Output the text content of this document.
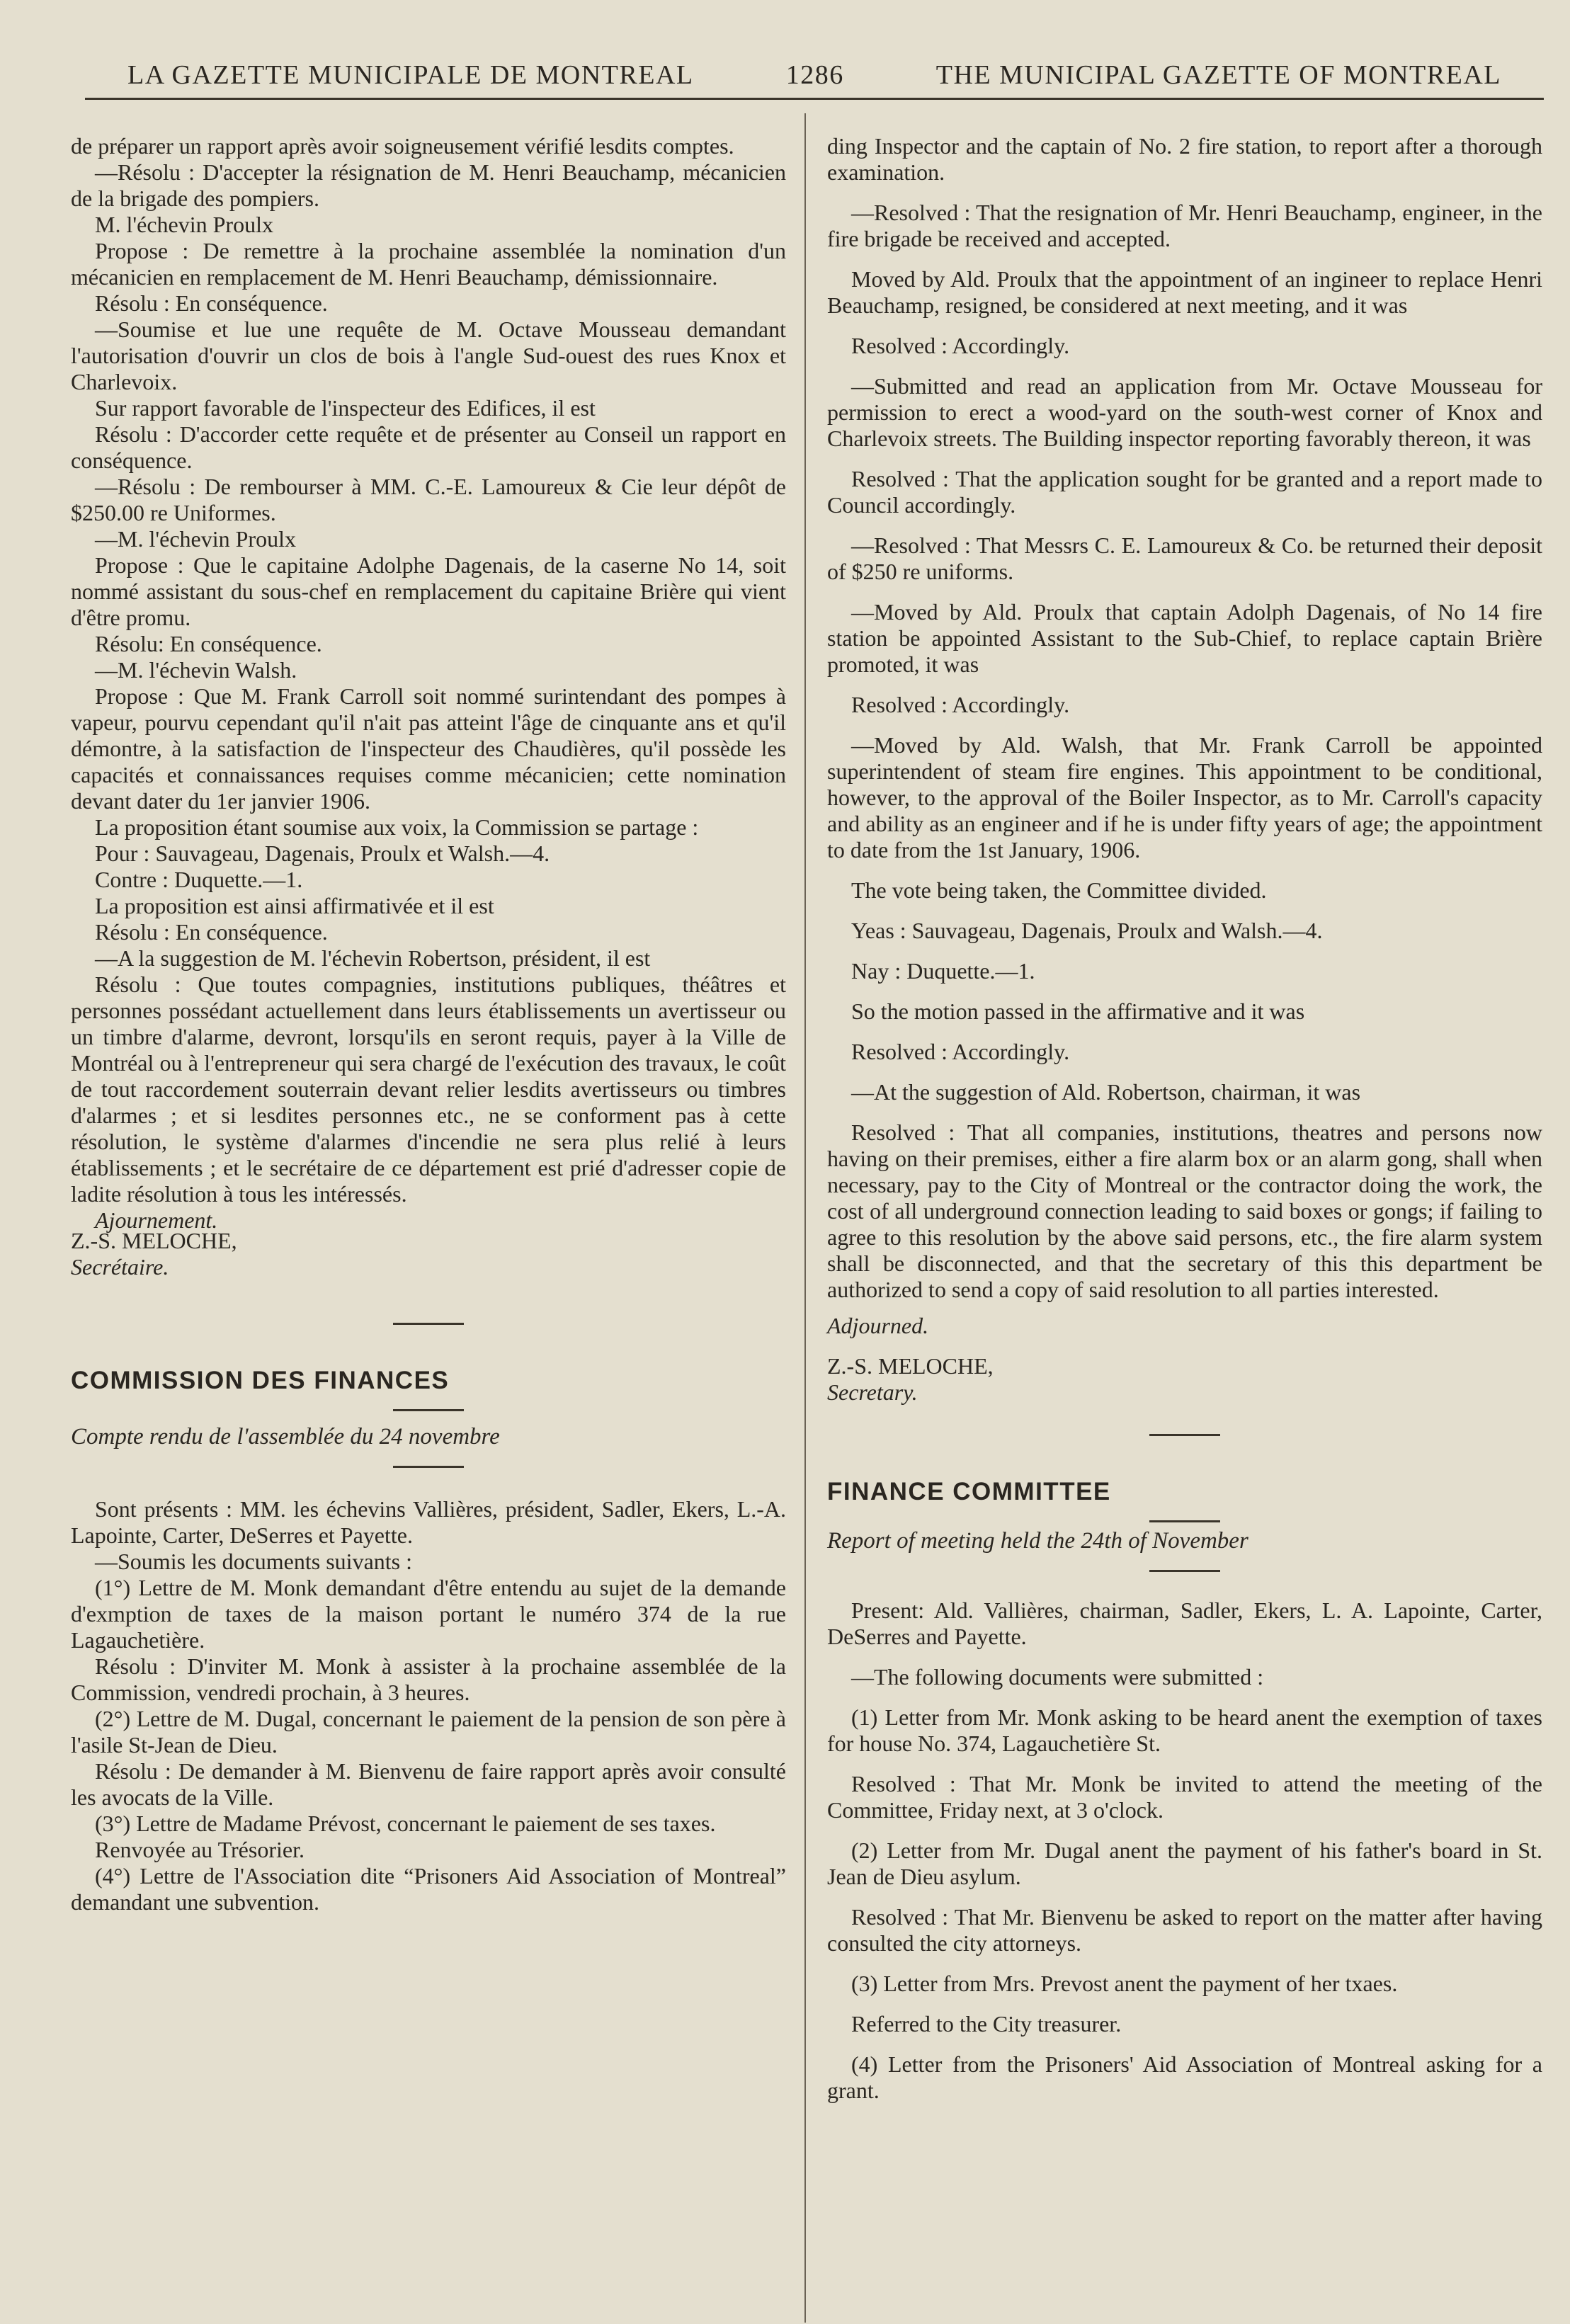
LA GAZETTE MUNICIPALE DE MONTREAL	1286	THE MUNICIPAL GAZETTE OF MONTREAL

de préparer un rapport après avoir soigneusement vérifié lesdits comptes.

—Résolu : D'accepter la résignation de M. Henri Beauchamp, mécanicien de la brigade des pompiers.

M. l'échevin Proulx

Propose : De remettre à la prochaine assemblée la nomination d'un mécanicien en remplacement de M. Henri Beauchamp, démissionnaire.

Résolu : En conséquence.

—Soumise et lue une requête de M. Octave Mousseau demandant l'autorisation d'ouvrir un clos de bois à l'angle Sud-ouest des rues Knox et Charlevoix.

Sur rapport favorable de l'inspecteur des Edifices, il est

Résolu : D'accorder cette requête et de présenter au Conseil un rapport en conséquence.

—Résolu : De rembourser à MM. C.-E. Lamoureux & Cie leur dépôt de $250.00 re Uniformes.

—M. l'échevin Proulx

Propose : Que le capitaine Adolphe Dagenais, de la caserne No 14, soit nommé assistant du sous-chef en remplacement du capitaine Brière qui vient d'être promu.

Résolu: En conséquence.

—M. l'échevin Walsh.

Propose : Que M. Frank Carroll soit nommé surintendant des pompes à vapeur, pourvu cependant qu'il n'ait pas atteint l'âge de cinquante ans et qu'il démontre, à la satisfaction de l'inspecteur des Chaudières, qu'il possède les capacités et connaissances requises comme mécanicien; cette nomination devant dater du 1er janvier 1906.

La proposition étant soumise aux voix, la Commission se partage :

Pour : Sauvageau, Dagenais, Proulx et Walsh.—4.

Contre : Duquette.—1.

La proposition est ainsi affirmativée et il est

Résolu : En conséquence.

—A la suggestion de M. l'échevin Robertson, président, il est

Résolu : Que toutes compagnies, institutions publiques, théâtres et personnes possédant actuellement dans leurs établissements un avertisseur ou un timbre d'alarme, devront, lorsqu'ils en seront requis, payer à la Ville de Montréal ou à l'entrepreneur qui sera chargé de l'exécution des travaux, le coût de tout raccordement souterrain devant relier lesdits avertisseurs ou timbres d'alarmes ; et si lesdites personnes etc., ne se conforment pas à cette résolution, le système d'alarmes d'incendie ne sera plus relié à leurs établissements ; et le secrétaire de ce département est prié d'adresser copie de ladite résolution à tous les intéressés.

Ajournement.

Z.-S. MELOCHE,
Secrétaire.

COMMISSION DES FINANCES

Compte rendu de l'assemblée du 24 novembre

Sont présents : MM. les échevins Vallières, président, Sadler, Ekers, L.-A. Lapointe, Carter, DeSerres et Payette.

—Soumis les documents suivants :

(1°) Lettre de M. Monk demandant d'être entendu au sujet de la demande d'exmption de taxes de la maison portant le numéro 374 de la rue Lagauchetière.

Résolu : D'inviter M. Monk à assister à la prochaine assemblée de la Commission, vendredi prochain, à 3 heures.

(2°) Lettre de M. Dugal, concernant le paiement de la pension de son père à l'asile St-Jean de Dieu.

Résolu : De demander à M. Bienvenu de faire rapport après avoir consulté les avocats de la Ville.

(3°) Lettre de Madame Prévost, concernant le paiement de ses taxes.

Renvoyée au Trésorier.

(4°) Lettre de l'Association dite “Prisoners Aid Association of Montreal” demandant une subvention.

ding Inspector and the captain of No. 2 fire station, to report after a thorough examination.

—Resolved : That the resignation of Mr. Henri Beauchamp, engineer, in the fire brigade be received and accepted.

Moved by Ald. Proulx that the appointment of an ingineer to replace Henri Beauchamp, resigned, be considered at next meeting, and it was

Resolved : Accordingly.

—Submitted and read an application from Mr. Octave Mousseau for permission to erect a wood-yard on the south-west corner of Knox and Charlevoix streets. The Building inspector reporting favorably thereon, it was

Resolved : That the application sought for be granted and a report made to Council accordingly.

—Resolved : That Messrs C. E. Lamoureux & Co. be returned their deposit of $250 re uniforms.

—Moved by Ald. Proulx that captain Adolph Dagenais, of No 14 fire station be appointed Assistant to the Sub-Chief, to replace captain Brière promoted, it was

Resolved : Accordingly.

—Moved by Ald. Walsh, that Mr. Frank Carroll be appointed superintendent of steam fire engines. This appointment to be conditional, however, to the approval of the Boiler Inspector, as to Mr. Carroll's capacity and ability as an engineer and if he is under fifty years of age; the appointment to date from the 1st January, 1906.

The vote being taken, the Committee divided.

Yeas : Sauvageau, Dagenais, Proulx and Walsh.—4.

Nay : Duquette.—1.

So the motion passed in the affirmative and it was

Resolved : Accordingly.

—At the suggestion of Ald. Robertson, chairman, it was

Resolved : That all companies, institutions, theatres and persons now having on their premises, either a fire alarm box or an alarm gong, shall when necessary, pay to the City of Montreal or the contractor doing the work, the cost of all underground connection leading to said boxes or gongs; if failing to agree to this resolution by the above said persons, etc., the fire alarm system shall be disconnected, and that the secretary of this this department be authorized to send a copy of said resolution to all parties interested.

Adjourned.

Z.-S. MELOCHE,
Secretary.

FINANCE COMMITTEE

Report of meeting held the 24th of November

Present: Ald. Vallières, chairman, Sadler, Ekers, L. A. Lapointe, Carter, DeSerres and Payette.

—The following documents were submitted :

(1) Letter from Mr. Monk asking to be heard anent the exemption of taxes for house No. 374, Lagauchetière St.

Resolved : That Mr. Monk be invited to attend the meeting of the Committee, Friday next, at 3 o'clock.

(2) Letter from Mr. Dugal anent the payment of his father's board in St. Jean de Dieu asylum.

Resolved : That Mr. Bienvenu be asked to report on the matter after having consulted the city attorneys.

(3) Letter from Mrs. Prevost anent the payment of her txaes.

Referred to the City treasurer.

(4) Letter from the Prisoners' Aid Association of Montreal asking for a grant.
